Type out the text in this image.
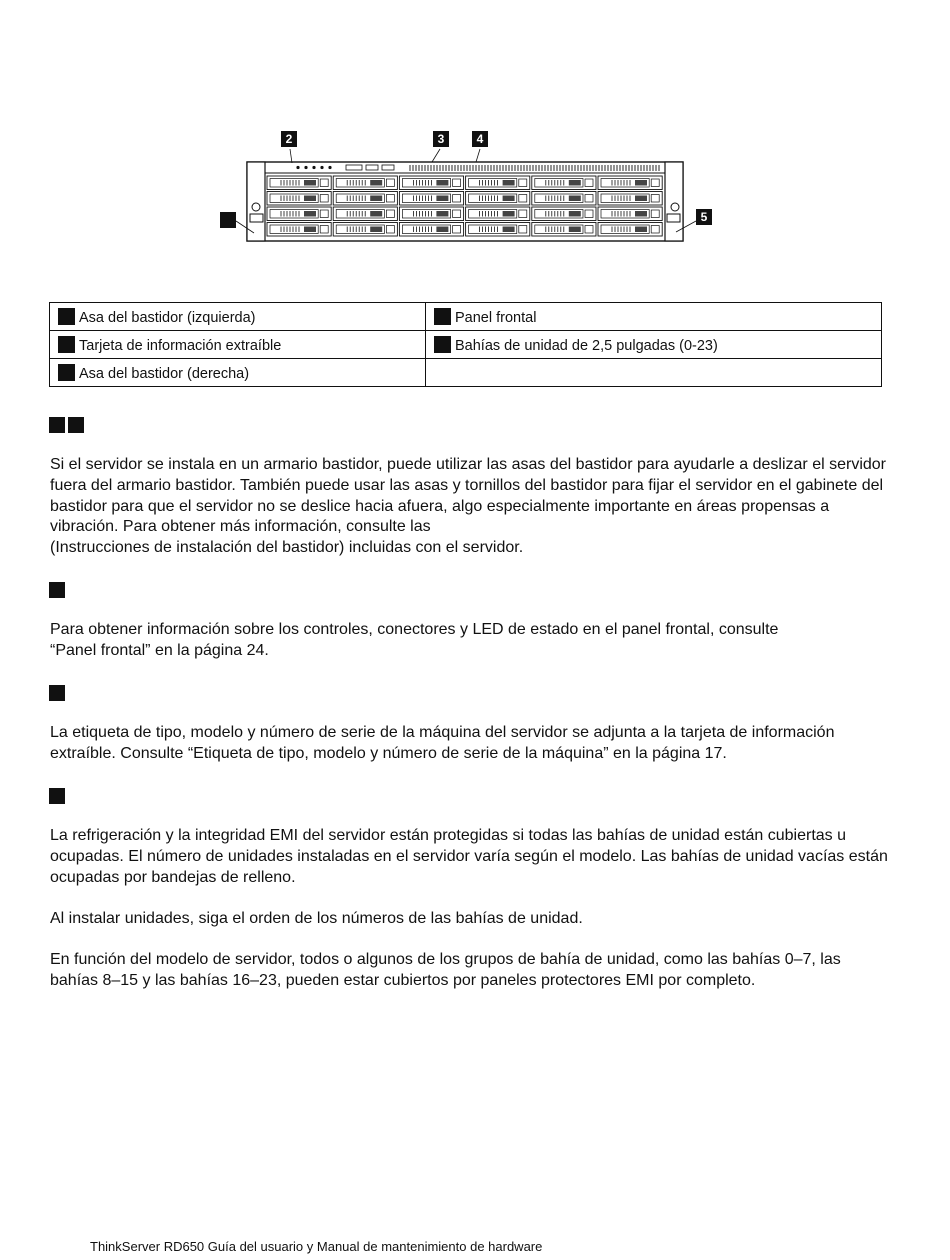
2	3	4
5
Asa del bastidor (izquierda)	Panel frontal
Tarjeta de información extraíble	Bahías de unidad de 2,5 pulgadas (0-23)
Asa del bastidor (derecha)	

Si el servidor se instala en un armario bastidor, puede utilizar las asas del bastidor para ayudarle a deslizar el servidor fuera del armario bastidor. También puede usar las asas y tornillos del bastidor para fijar el servidor en el gabinete del bastidor para que el servidor no se deslice hacia afuera, algo especialmente importante en áreas propensas a vibración. Para obtener más información, consulte las
(Instrucciones de instalación del bastidor) incluidas con el servidor.

Para obtener información sobre los controles, conectores y LED de estado en el panel frontal, consulte
“Panel frontal” en la página 24.

La etiqueta de tipo, modelo y número de serie de la máquina del servidor se adjunta a la tarjeta de información extraíble. Consulte “Etiqueta de tipo, modelo y número de serie de la máquina” en la página 17.

La refrigeración y la integridad EMI del servidor están protegidas si todas las bahías de unidad están cubiertas u ocupadas. El número de unidades instaladas en el servidor varía según el modelo. Las bahías de unidad vacías están ocupadas por bandejas de relleno.

Al instalar unidades, siga el orden de los números de las bahías de unidad.

En función del modelo de servidor, todos o algunos de los grupos de bahía de unidad, como las bahías 0–7, las bahías 8–15 y las bahías 16–23, pueden estar cubiertos por paneles protectores EMI por completo.

ThinkServer RD650 Guía del usuario y Manual de mantenimiento de hardware
